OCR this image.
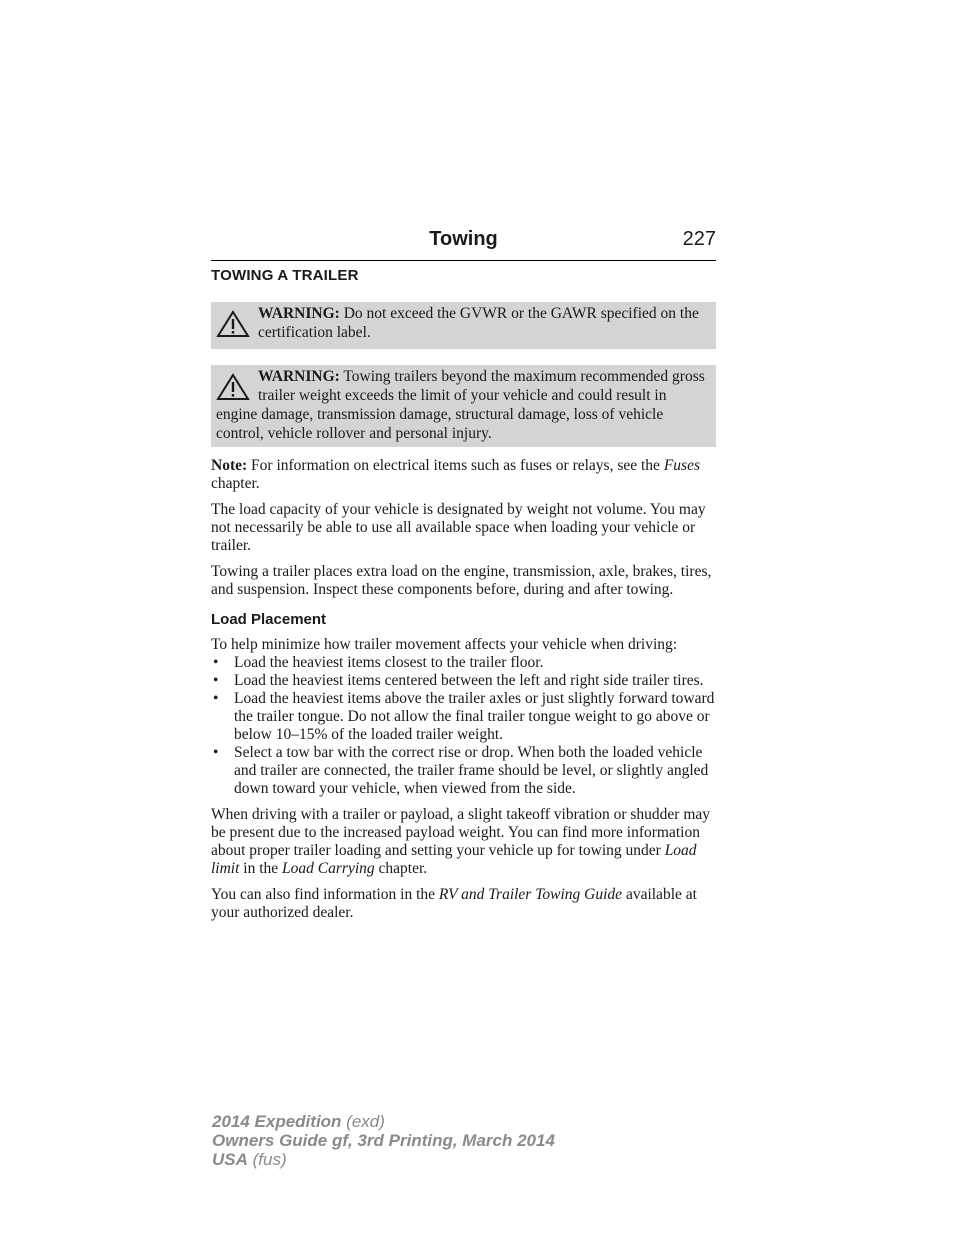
Towing	227
TOWING A TRAILER

WARNING: Do not exceed the GVWR or the GAWR specified on the certification label.

WARNING: Towing trailers beyond the maximum recommended gross trailer weight exceeds the limit of your vehicle and could result in engine damage, transmission damage, structural damage, loss of vehicle control, vehicle rollover and personal injury.

Note: For information on electrical items such as fuses or relays, see the Fuses chapter.

The load capacity of your vehicle is designated by weight not volume. You may not necessarily be able to use all available space when loading your vehicle or trailer.

Towing a trailer places extra load on the engine, transmission, axle, brakes, tires, and suspension. Inspect these components before, during and after towing.

Load Placement

To help minimize how trailer movement affects your vehicle when driving:

• Load the heaviest items closest to the trailer floor.
• Load the heaviest items centered between the left and right side trailer tires.
• Load the heaviest items above the trailer axles or just slightly forward toward the trailer tongue. Do not allow the final trailer tongue weight to go above or below 10–15% of the loaded trailer weight.
• Select a tow bar with the correct rise or drop. When both the loaded vehicle and trailer are connected, the trailer frame should be level, or slightly angled down toward your vehicle, when viewed from the side.

When driving with a trailer or payload, a slight takeoff vibration or shudder may be present due to the increased payload weight. You can find more information about proper trailer loading and setting your vehicle up for towing under Load limit in the Load Carrying chapter.

You can also find information in the RV and Trailer Towing Guide available at your authorized dealer.

2014 Expedition (exd)
Owners Guide gf, 3rd Printing, March 2014
USA (fus)
